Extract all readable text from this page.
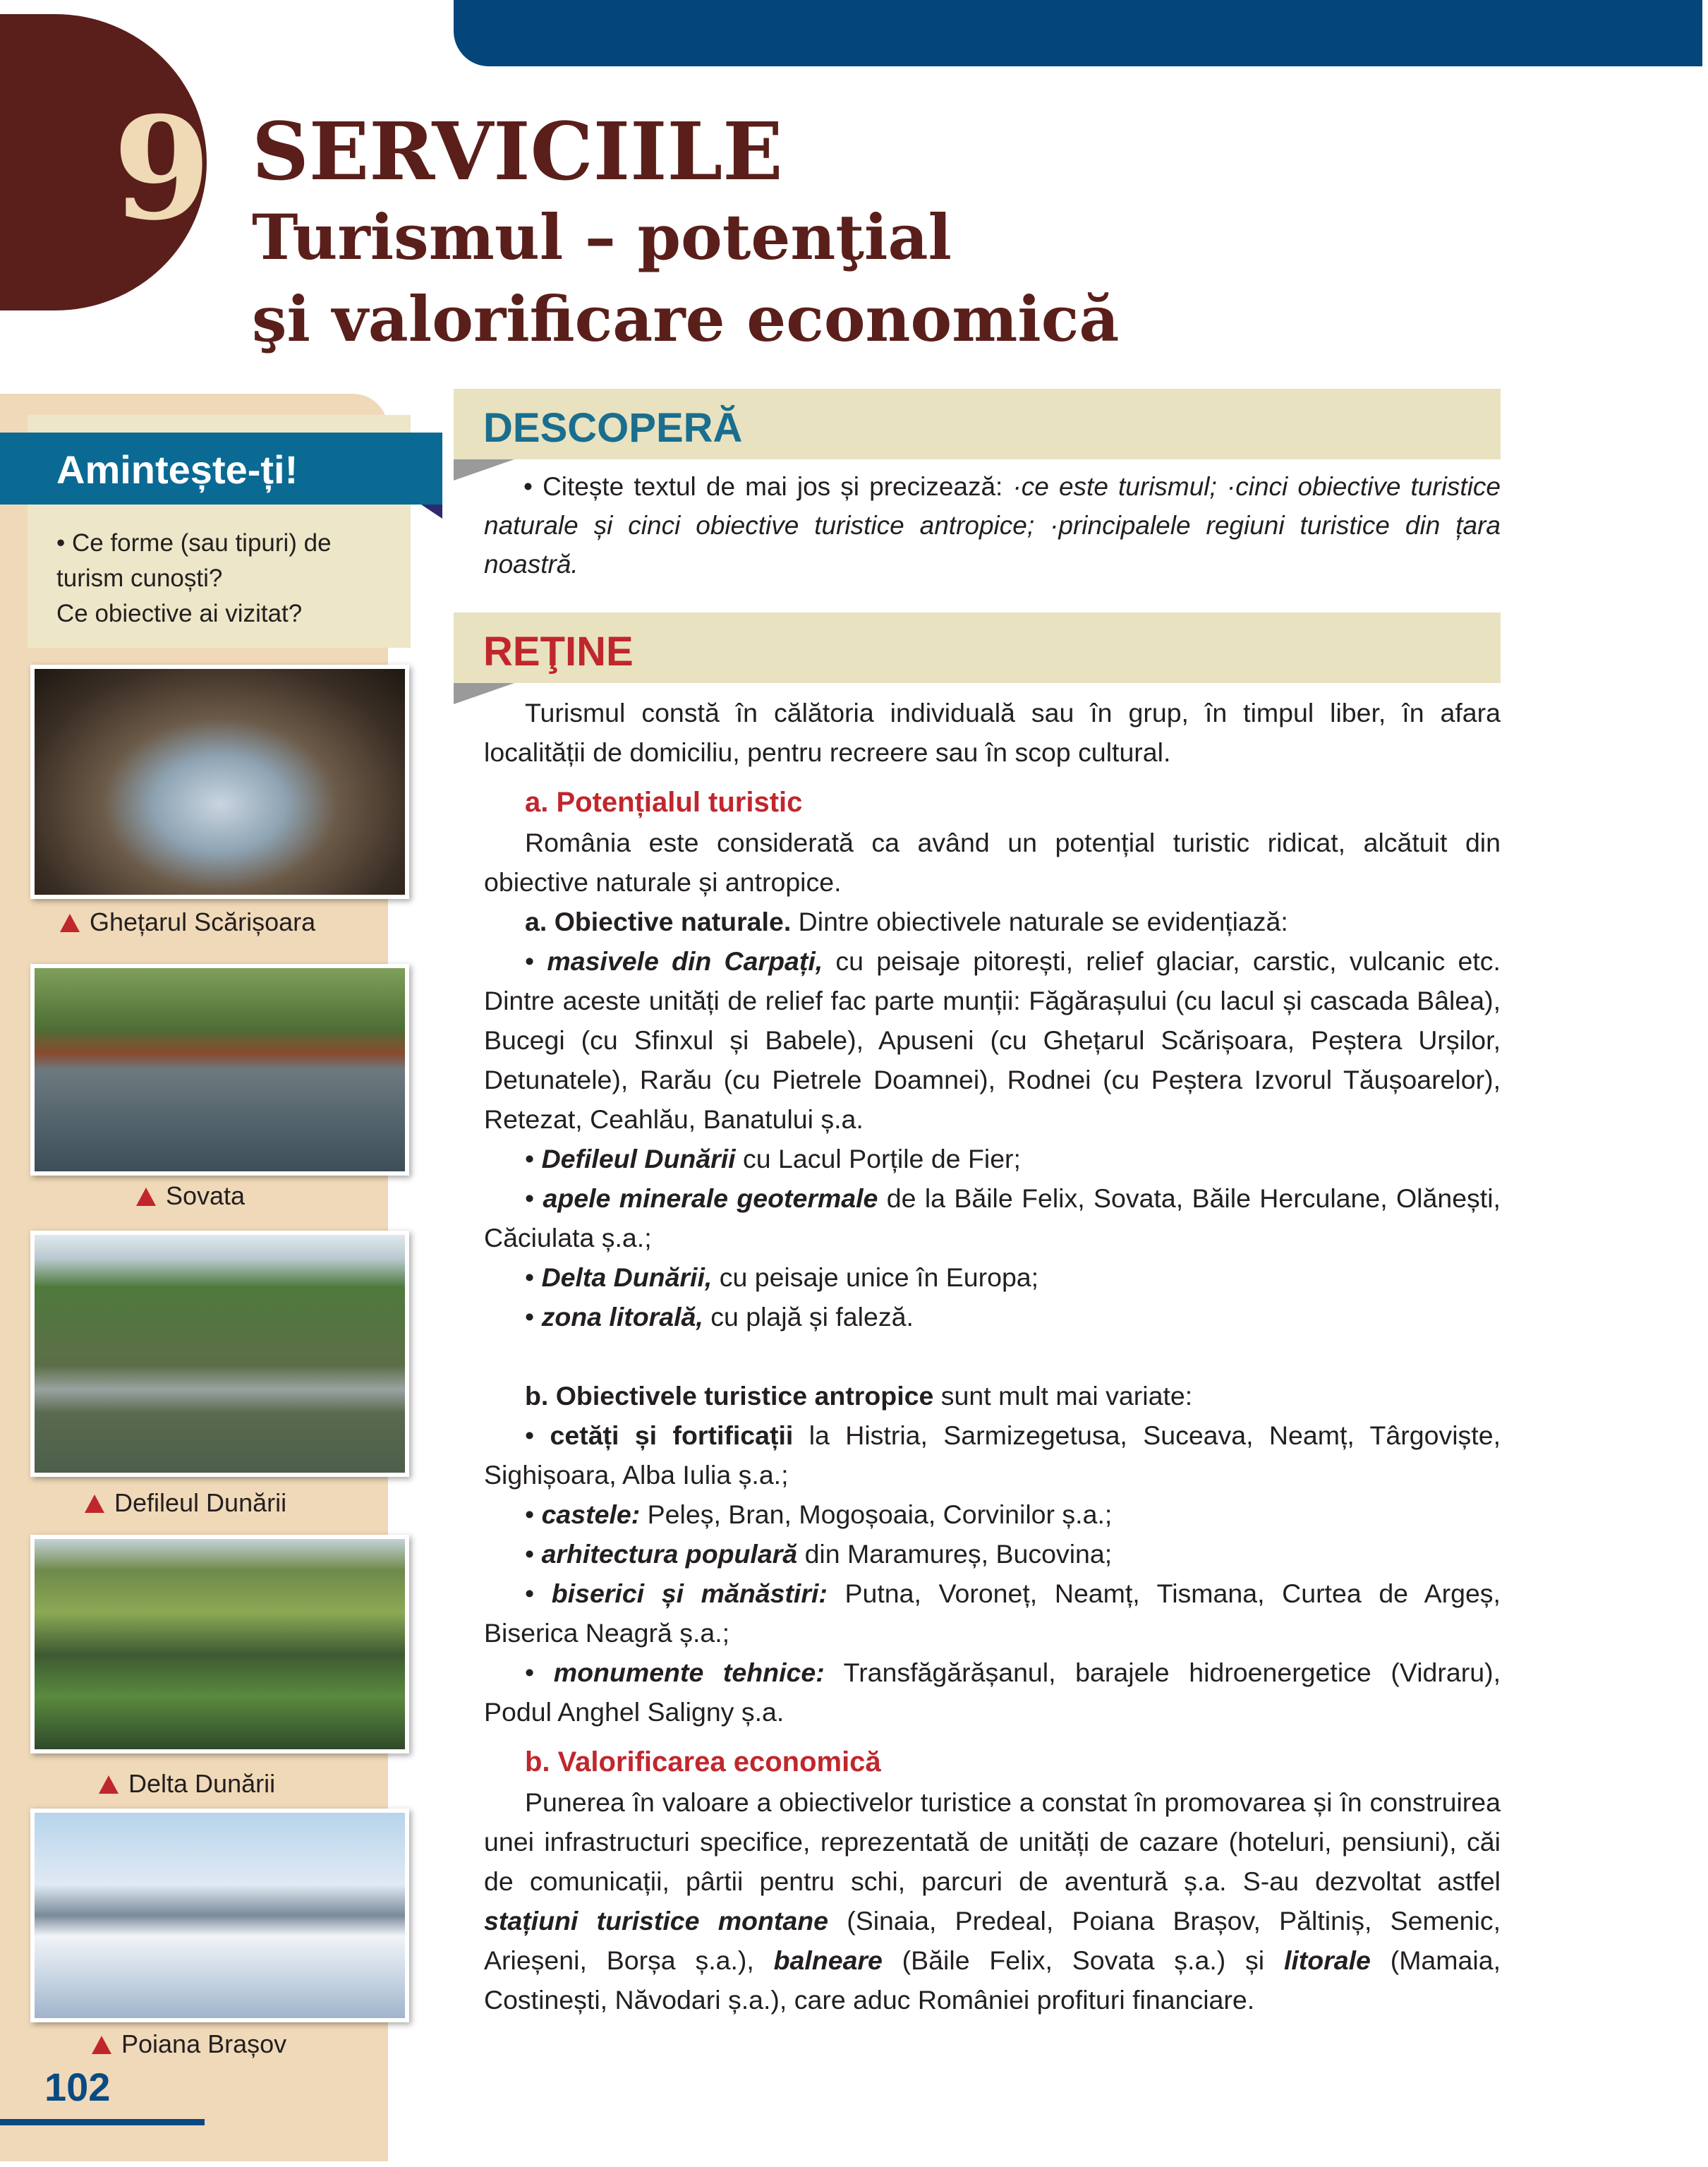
9 SERVICIILE
Turismul – potenţial
şi valorificare economică
Amintește-ți!
• Ce forme (sau tipuri) de
turism cunoști?
Ce obiective ai vizitat?
Ghețarul Scărișoara
Sovata
Defileul Dunării
Delta Dunării
Poiana Brașov
102
DESCOPERĂ
• Citește textul de mai jos și precizează: ·ce este turismul; ·cinci obiective turistice naturale și cinci obiective turistice antropice; ·principalele regiuni turistice din țara noastră.
REŢINE

Turismul constă în călătoria individuală sau în grup, în timpul liber, în afara localității de domiciliu, pentru recreere sau în scop cultural.

a. Potențialul turistic

România este considerată ca având un potențial turistic ridicat, alcătuit din obiective naturale și antropice.

a. Obiective naturale. Dintre obiectivele naturale se evidențiază:

• masivele din Carpați, cu peisaje pitorești, relief glaciar, carstic, vulcanic etc. Dintre aceste unități de relief fac parte munții: Făgărașului (cu lacul și cascada Bâlea), Bucegi (cu Sfinxul și Babele), Apuseni (cu Ghețarul Scărișoara, Peștera Urșilor, Detunatele), Rarău (cu Pietrele Doamnei), Rodnei (cu Peștera Izvorul Tăușoarelor), Retezat, Ceahlău, Banatului ș.a.

• Defileul Dunării cu Lacul Porțile de Fier;

• apele minerale geotermale de la Băile Felix, Sovata, Băile Herculane, Olănești, Căciulata ș.a.;

• Delta Dunării, cu peisaje unice în Europa;

• zona litorală, cu plajă și faleză.

b. Obiectivele turistice antropice sunt mult mai variate:

• cetăți și fortificații la Histria, Sarmizegetusa, Suceava, Neamț, Târgoviște, Sighișoara, Alba Iulia ș.a.;

• castele: Peleș, Bran, Mogoșoaia, Corvinilor ș.a.;

• arhitectura populară din Maramureș, Bucovina;

• biserici și mănăstiri: Putna, Voroneț, Neamț, Tismana, Curtea de Argeș, Biserica Neagră ș.a.;

• monumente tehnice: Transfăgărășanul, barajele hidroenergetice (Vidraru), Podul Anghel Saligny ș.a.

b. Valorificarea economică

Punerea în valoare a obiectivelor turistice a constat în promovarea și în construirea unei infrastructuri specifice, reprezentată de unități de cazare (hoteluri, pensiuni), căi de comunicații, pârtii pentru schi, parcuri de aventură ș.a. S-au dezvoltat astfel stațiuni turistice montane (Sinaia, Predeal, Poiana Brașov, Păltiniș, Semenic, Arieșeni, Borșa ș.a.), balneare (Băile Felix, Sovata ș.a.) și litorale (Mamaia, Costinești, Năvodari ș.a.), care aduc României profituri financiare.
